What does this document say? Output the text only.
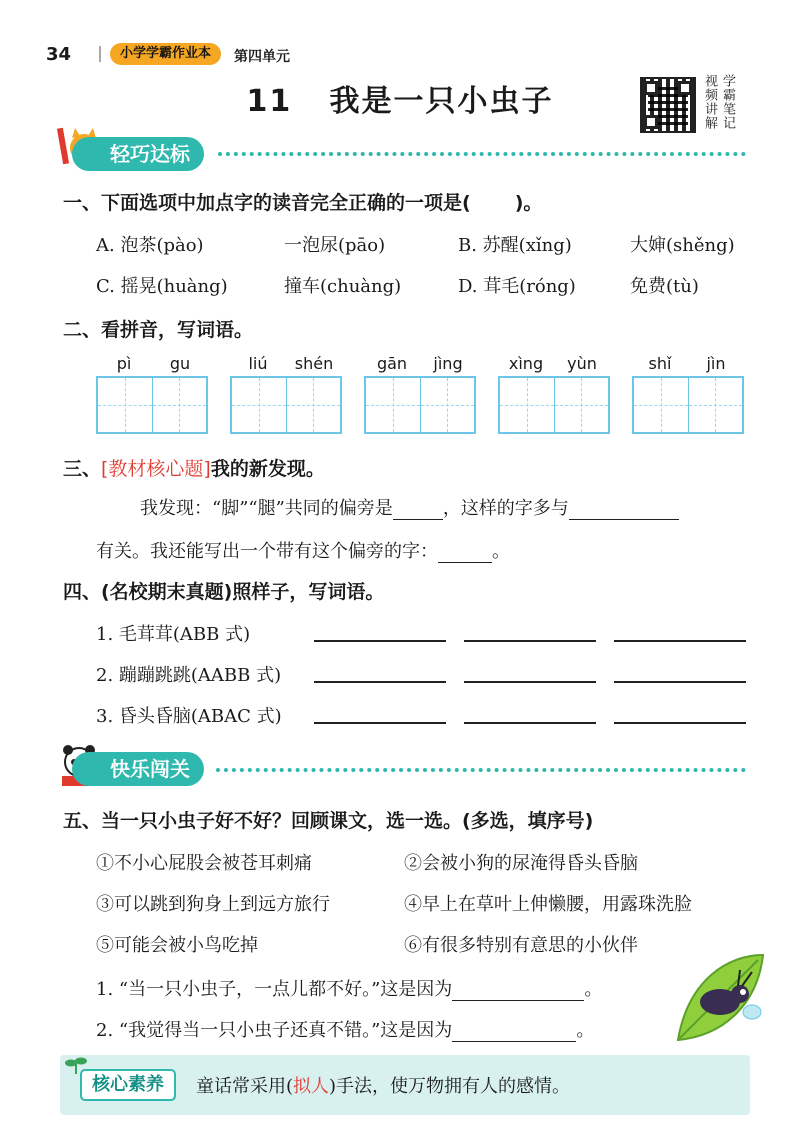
34	小学学霸作业本	第四单元
11 我是一只小虫子	学霸笔记
视频讲解
轻巧达标
一、下面选项中加点字的读音完全正确的一项是( )。
A. 泡茶(pào)	一泡尿(pāo)	B. 苏醒(xǐng)	大婶(shěng)
C. 摇晃(huàng)	撞车(chuàng)	D. 茸毛(róng)	免费(tù)
二、看拼音，写词语。
pì	gu	liú	shén	gān	jìng	xìng	yùn	shǐ	jìn
三、[教材核心题]我的新发现。
我发现：“脚”“腿”共同的偏旁是	，这样的字多与
有关。我还能写出一个带有这个偏旁的字：	。
四、(名校期末真题)照样子，写词语。
1. 毛茸茸(ABB 式)
2. 蹦蹦跳跳(AABB 式)
3. 昏头昏脑(ABAC 式)
快乐闯关
五、当一只小虫子好不好？回顾课文，选一选。(多选，填序号)
①不小心屁股会被苍耳刺痛	②会被小狗的尿淹得昏头昏脑
③可以跳到狗身上到远方旅行	④早上在草叶上伸懒腰，用露珠洗脸
⑤可能会被小鸟吃掉	⑥有很多特别有意思的小伙伴
1. “当一只小虫子，一点儿都不好。”这是因为	。
2. “我觉得当一只小虫子还真不错。”这是因为	。
核心素养	童话常采用(拟人)手法，使万物拥有人的感情。
